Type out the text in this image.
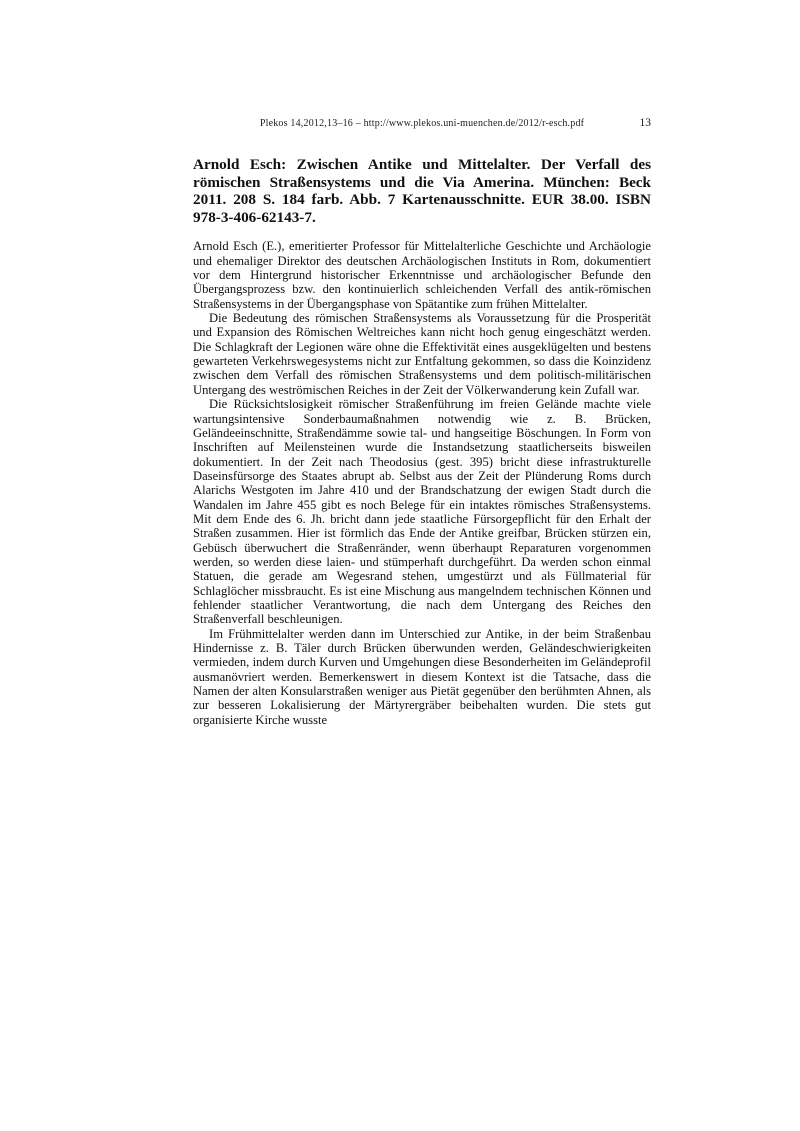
Plekos 14,2012,13–16 – http://www.plekos.uni-muenchen.de/2012/r-esch.pdf	13
Arnold Esch: Zwischen Antike und Mittelalter. Der Verfall des römischen Straßensystems und die Via Amerina. München: Beck 2011. 208 S. 184 farb. Abb. 7 Kartenausschnitte. EUR 38.00. ISBN 978-3-406-62143-7.

Arnold Esch (E.), emeritierter Professor für Mittelalterliche Geschichte und Archäologie und ehemaliger Direktor des deutschen Archäologischen Instituts in Rom, dokumentiert vor dem Hintergrund historischer Erkenntnisse und archäologischer Befunde den Übergangsprozess bzw. den kontinuierlich schleichenden Verfall des antik-römischen Straßensystems in der Übergangsphase von Spätantike zum frühen Mittelalter.

Die Bedeutung des römischen Straßensystems als Voraussetzung für die Prosperität und Expansion des Römischen Weltreiches kann nicht hoch genug eingeschätzt werden. Die Schlagkraft der Legionen wäre ohne die Effektivität eines ausgeklügelten und bestens gewarteten Verkehrswegesystems nicht zur Entfaltung gekommen, so dass die Koinzidenz zwischen dem Verfall des römischen Straßensystems und dem politisch-militärischen Untergang des weströmischen Reiches in der Zeit der Völkerwanderung kein Zufall war.

Die Rücksichtslosigkeit römischer Straßenführung im freien Gelände machte viele wartungsintensive Sonderbaumaßnahmen notwendig wie z. B. Brücken, Geländeeinschnitte, Straßendämme sowie tal- und hangseitige Böschungen. In Form von Inschriften auf Meilensteinen wurde die Instandsetzung staatlicherseits bisweilen dokumentiert. In der Zeit nach Theodosius (gest. 395) bricht diese infrastrukturelle Daseinsfürsorge des Staates abrupt ab. Selbst aus der Zeit der Plünderung Roms durch Alarichs Westgoten im Jahre 410 und der Brandschatzung der ewigen Stadt durch die Wandalen im Jahre 455 gibt es noch Belege für ein intaktes römisches Straßensystems. Mit dem Ende des 6. Jh. bricht dann jede staatliche Fürsorgepflicht für den Erhalt der Straßen zusammen. Hier ist förmlich das Ende der Antike greifbar, Brücken stürzen ein, Gebüsch überwuchert die Straßenränder, wenn überhaupt Reparaturen vorgenommen werden, so werden diese laien- und stümperhaft durchgeführt. Da werden schon einmal Statuen, die gerade am Wegesrand stehen, umgestürzt und als Füllmaterial für Schlaglöcher missbraucht. Es ist eine Mischung aus mangelndem technischen Können und fehlender staatlicher Verantwortung, die nach dem Untergang des Reiches den Straßenverfall beschleunigen.

Im Frühmittelalter werden dann im Unterschied zur Antike, in der beim Straßenbau Hindernisse z. B. Täler durch Brücken überwunden werden, Geländeschwierigkeiten vermieden, indem durch Kurven und Umgehungen diese Besonderheiten im Geländeprofil ausmanövriert werden. Bemerkenswert in diesem Kontext ist die Tatsache, dass die Namen der alten Konsularstraßen weniger aus Pietät gegenüber den berühmten Ahnen, als zur besseren Lokalisierung der Märtyrergräber beibehalten wurden. Die stets gut organisierte Kirche wusste
